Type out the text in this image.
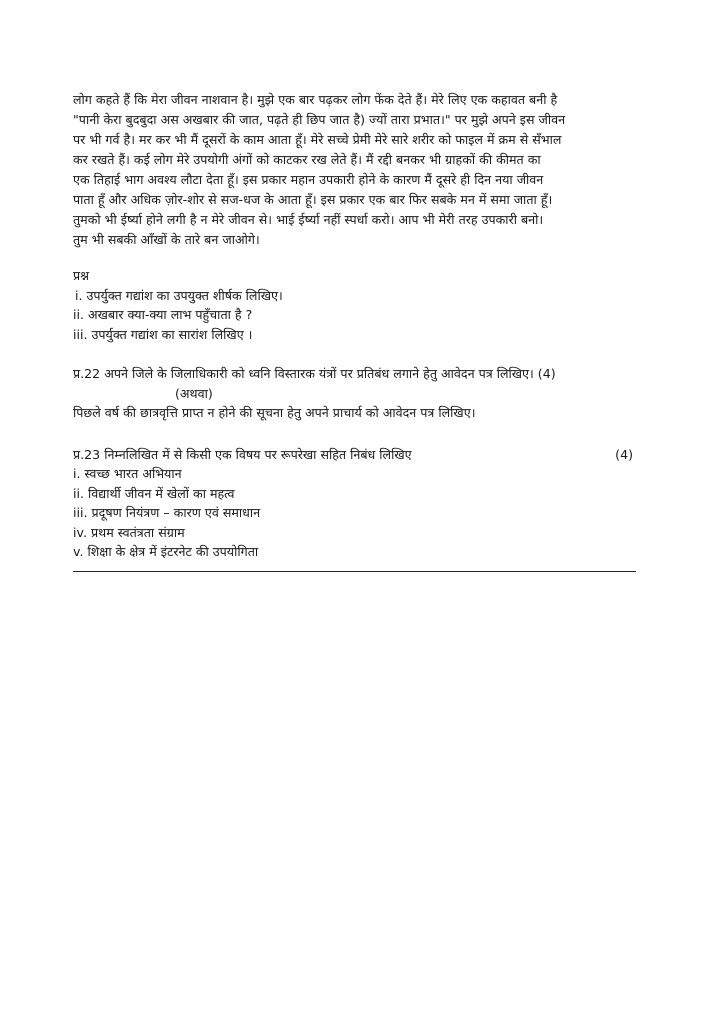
लोग कहते हैं कि मेरा जीवन नाशवान है। मुझे एक बार पढ़कर लोग फेंक देते हैं। मेरे लिए एक कहावत बनी है

"पानी केरा बुदबुदा अस अखबार की जात, पढ़ते ही छिप जात है) ज्यों तारा प्रभात।" पर मुझे अपने इस जीवन

पर भी गर्व है। मर कर भी मैं दूसरों के काम आता हूँ। मेरे सच्चे प्रेमी मेरे सारे शरीर को फाइल में क्रम से सँभाल

कर रखते हैं। कई लोग मेरे उपयोगी अंगों को काटकर रख लेते हैं। मैं रद्दी बनकर भी ग्राहकों की कीमत का

एक तिहाई भाग अवश्य लौटा देता हूँ। इस प्रकार महान उपकारी होने के कारण मैं दूसरे ही दिन नया जीवन

पाता हूँ और अधिक ज़ोर-शोर से सज-धज के आता हूँ। इस प्रकार एक बार फिर सबके मन में समा जाता हूँ।

तुमको भी ईर्ष्या होने लगी है न मेरे जीवन से। भाई ईर्ष्या नहीं स्पर्धा करो। आप भी मेरी तरह उपकारी बनो।

तुम भी सबकी आँखों के तारे बन जाओगे।

प्रश्न

i. उपर्युक्त गद्यांश का उपयुक्त शीर्षक लिखिए।

ii. अखबार क्या-क्या लाभ पहुँचाता है ?

iii. उपर्युक्त गद्यांश का सारांश लिखिए ।

प्र.22 अपने जिले के जिलाधिकारी को ध्वनि विस्तारक यंत्रों पर प्रतिबंध लगाने हेतु आवेदन पत्र लिखिए। (4)

(अथवा)

पिछले वर्ष की छात्रवृत्ति प्राप्त न होने की सूचना हेतु अपने प्राचार्य को आवेदन पत्र लिखिए।

प्र.23 निम्नलिखित में से किसी एक विषय पर रूपरेखा सहित निबंध लिखिए	(4)

i. स्वच्छ भारत अभियान

ii. विद्यार्थी जीवन में खेलों का महत्व

iii. प्रदूषण नियंत्रण – कारण एवं समाधान

iv. प्रथम स्वतंत्रता संग्राम

v. शिक्षा के क्षेत्र में इंटरनेट की उपयोगिता
